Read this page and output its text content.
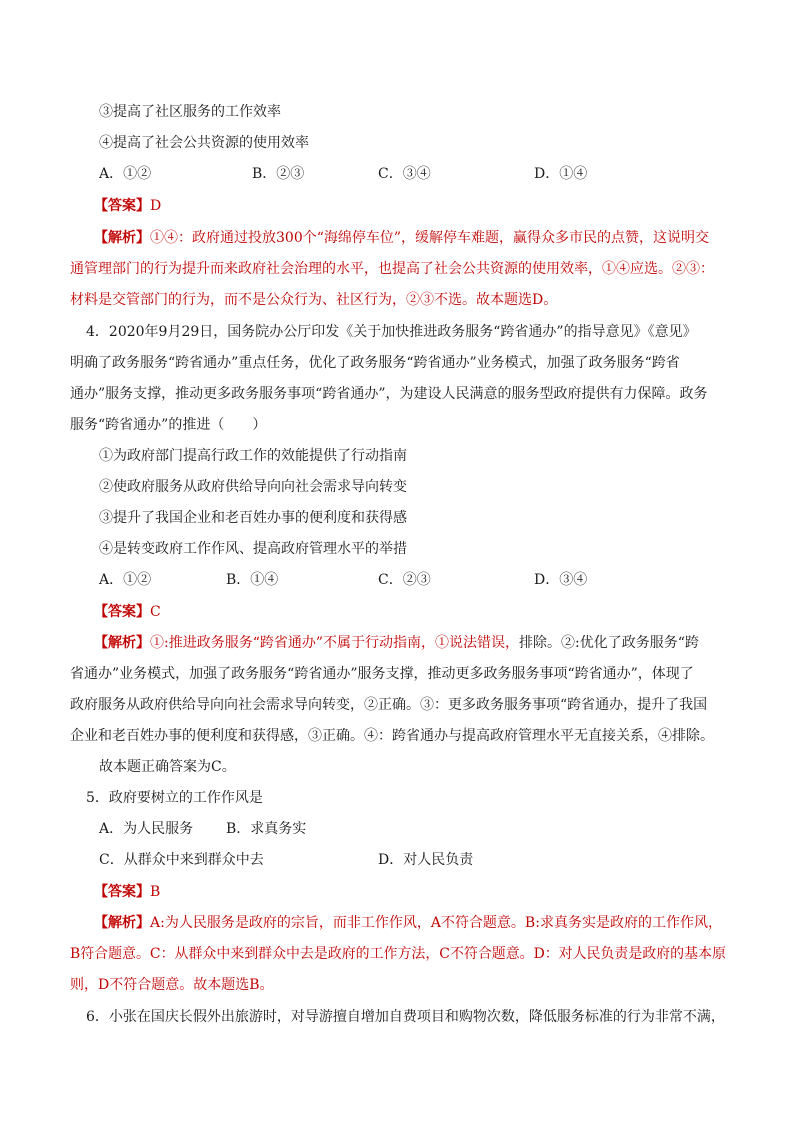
③提高了社区服务的工作效率
④提高了社会公共资源的使用效率
A．①②	B．②③	C．③④	D．①④
【答案】D
【解析】①④：政府通过投放300个“海绵停车位”，缓解停车难题，赢得众多市民的点赞，这说明交
通管理部门的行为提升而来政府社会治理的水平，也提高了社会公共资源的使用效率，①④应选。②③：
材料是交管部门的行为，而不是公众行为、社区行为，②③不选。故本题选D。
4．2020年9月29日，国务院办公厅印发《关于加快推进政务服务“跨省通办”的指导意见》《意见》
明确了政务服务“跨省通办”重点任务，优化了政务服务“跨省通办”业务模式，加强了政务服务“跨省
通办”服务支撑，推动更多政务服务事项“跨省通办”，为建设人民满意的服务型政府提供有力保障。政务
服务“跨省通办”的推进（　　）
①为政府部门提高行政工作的效能提供了行动指南
②使政府服务从政府供给导向向社会需求导向转变
③提升了我国企业和老百姓办事的便利度和获得感
④是转变政府工作作风、提高政府管理水平的举措
A．①②	B．①④	C．②③	D．③④
【答案】C
【解析】①:推进政务服务“跨省通办”不属于行动指南，①说法错误，排除。②:优化了政务服务“跨
省通办”业务模式，加强了政务服务“跨省通办”服务支撑，推动更多政务服务事项“跨省通办”，体现了
政府服务从政府供给导向向社会需求导向转变，②正确。③：更多政务服务事项“跨省通办，提升了我国
企业和老百姓办事的便利度和获得感，③正确。④：跨省通办与提高政府管理水平无直接关系，④排除。
故本题正确答案为C。
5．政府要树立的工作作风是
A．为人民服务 B．求真务实
C．从群众中来到群众中去	D．对人民负责
【答案】B
【解析】A:为人民服务是政府的宗旨，而非工作作风，A不符合题意。B:求真务实是政府的工作作风，
B符合题意。C：从群众中来到群众中去是政府的工作方法，C不符合题意。D：对人民负责是政府的基本原
则，D不符合题意。故本题选B。
6．小张在国庆长假外出旅游时，对导游擅自增加自费项目和购物次数，降低服务标准的行为非常不满，
